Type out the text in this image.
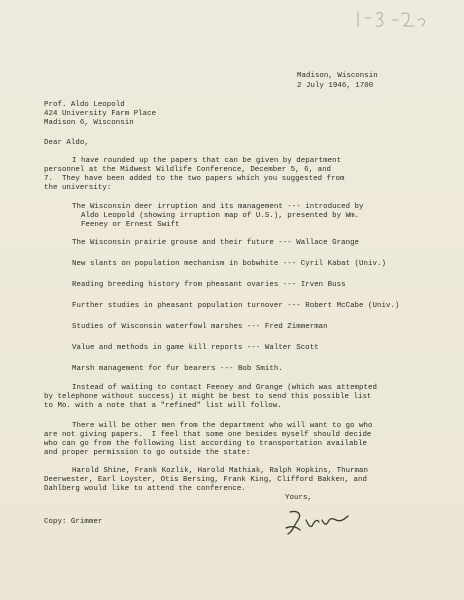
Madison, Wisconsin
2 July 1946, 1700
Prof. Aldo Leopold
424 University Farm Place
Madison 6, Wisconsin
Dear Aldo,
I have rounded up the papers that can be given by department
personnel at the Midwest Wildlife Conference, December 5, 6, and
7.  They have been added to the two papers which you suggested from
the university:
The Wisconsin deer irruption and its management --- introduced by
Aldo Leopold (showing irruption map of U.S.), presented by Wm.
Feeney or Ernest Swift
The Wisconsin prairie grouse and their future --- Wallace Grange
New slants on population mechanism in bobwhite --- Cyril Kabat (Univ.)
Reading breeding history from pheasant ovaries --- Irven Buss
Further studies in pheasant population turnover --- Robert McCabe (Univ.)
Studies of Wisconsin waterfowl marshes --- Fred Zimmerman
Value and methods in game kill reports --- Walter Scott
Marsh management for fur bearers --- Bob Smith.
Instead of waiting to contact Feeney and Grange (which was attempted
by telephone without success) it might be best to send this possible list
to Mo. with a note that a "refined" list will follow.
There will be other men from the department who will want to go who
are not giving papers.  I feel that some one besides myself should decide
who can go from the following list according to transportation available
and proper permission to go outside the state:
Harold Shine, Frank Kozlik, Harold Mathiak, Ralph Hopkins, Thurman
Deerwester, Earl Loyster, Otis Bersing, Frank King, Clifford Bakken, and
Dahlberg would like to attend the conference.
Yours,
Copy: Grimmer
